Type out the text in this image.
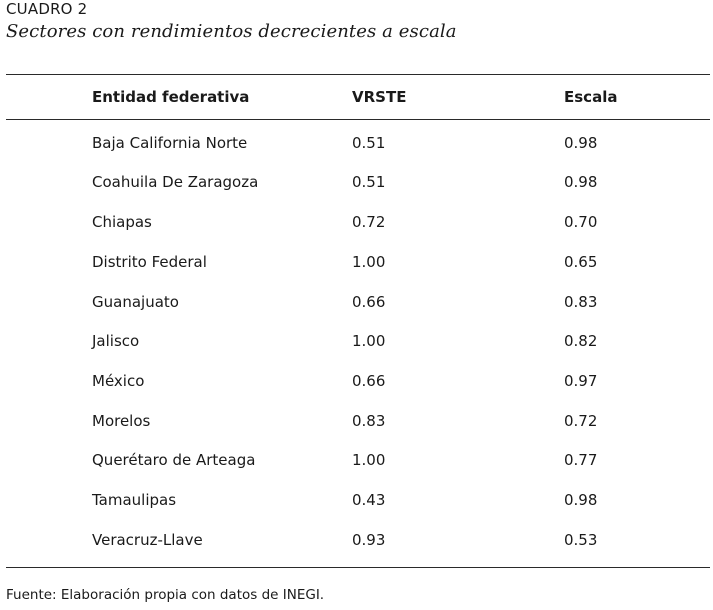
CUADRO 2
Sectores con rendimientos decrecientes a escala
Entidad federativa	VRSTE	Escala
Baja California Norte	0.51	0.98
Coahuila De Zaragoza	0.51	0.98
Chiapas	0.72	0.70
Distrito Federal	1.00	0.65
Guanajuato	0.66	0.83
Jalisco	1.00	0.82
México	0.66	0.97
Morelos	0.83	0.72
Querétaro de Arteaga	1.00	0.77
Tamaulipas	0.43	0.98
Veracruz-Llave	0.93	0.53
Fuente: Elaboración propia con datos de INEGI.
